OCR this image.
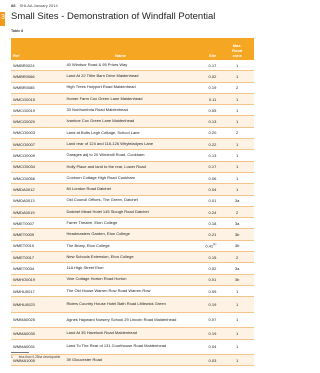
88 SHLAA January 2014
3 Small Sites - Demonstration of Windfall Potential
Table 8
Ref	Name	Site	Max.
Road
zone
WMBR0024	40 Windsor Road & 95 Priors Way	0.17	1
WMBR0066	Land At 22 Tithe Barn Drive Maidenhead	0.02	1
WMBR0085	High Trees Holyport Road Maidenhead	0.19	2
WMCG0015	Homer Farm Cox Green Lane Maidenhead	0.11	1
WMCG0019	33 Northumbria Road Maidenhead	0.05	1
WMCG0020	Ivanhoe Cox Green Lane Maidenhead	0.13	1
WMCO0003	Land at Butts Legh Cottage, School Lane	0.20	2
WMCO0007	Land rear of 124 and 116-126 Whyteladyes Lane	0.22	1
WMCO0009	Garages adj to 20 Windmill Road, Cookham	0.13	1
WMCO0034	Holly Place and land to the rear, Lower Road	0.17	1
WMCO0056	Coxborn Cottage High Road Cookham	0.06	1
WMDA0012	84 London Road Datchet	0.04	1
WMDA0013	Old Council Offices, The Green, Datchet	0.01	3a
WMDA0019	Datchet Mead Hotel 145 Slough Road Datchet	0.24	2
WMET0007	Farrer Theatre, Eton College	0.18	3a
WMET0009	Headmasters Garden, Eton College	0.21	3b
WMET0010	The Briary, Eton College	0.41$^{(1)}$	3b
WMET0017	New Schools Extension, Eton College	0.15	2
WMET0034	11A High Street Eton	0.02	3a
WMHO0019	Vine Cottage Horton Road Horton	0.01	3b
WMHU0017	The Old House Warren Row Road Warren Row	0.09	1
WMHU0023	Riders Country House Hotel Bath Road Littlewick Green	0.19	1
WMMA0025	Agnes Hayward Nursery School 29 Lincoln Road Maidenhead	0.07	1
WMMA0030	Land At 35 Havelock Road Maidenhead	0.19	1
WMMA0031	Land To The Rear of 131 Courthouse Road Maidenhead	0.04	1
WMMA1005	39 Gloucester Road	0.03	1
1 less than 0.25ha developable
